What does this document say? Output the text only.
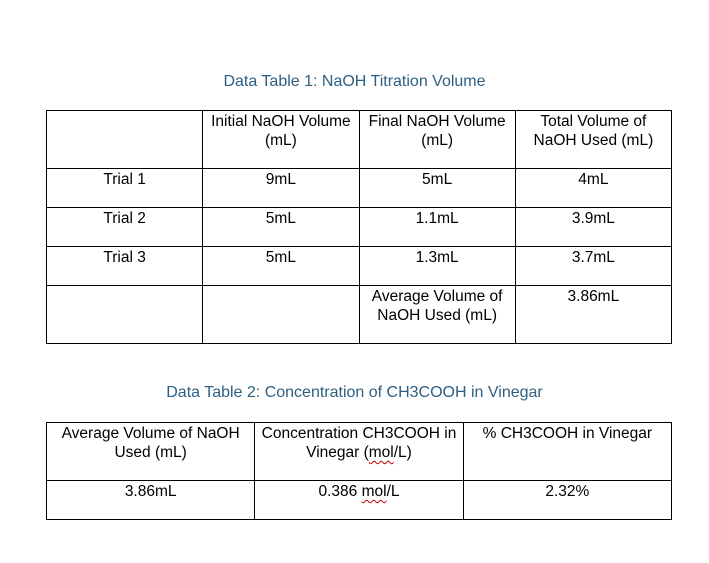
Data Table 1: NaOH Titration Volume
	Initial NaOH Volume (mL)	Final NaOH Volume (mL)	Total Volume of NaOH Used (mL)
Trial 1	9mL	5mL	4mL
Trial 2	5mL	1.1mL	3.9mL
Trial 3	5mL	1.3mL	3.7mL
		Average Volume of NaOH Used (mL)	3.86mL
Data Table 2: Concentration of CH3COOH in Vinegar
Average Volume of NaOH Used (mL)	Concentration CH3COOH in Vinegar (mol/L)	% CH3COOH in Vinegar
3.86mL	0.386 mol/L	2.32%
